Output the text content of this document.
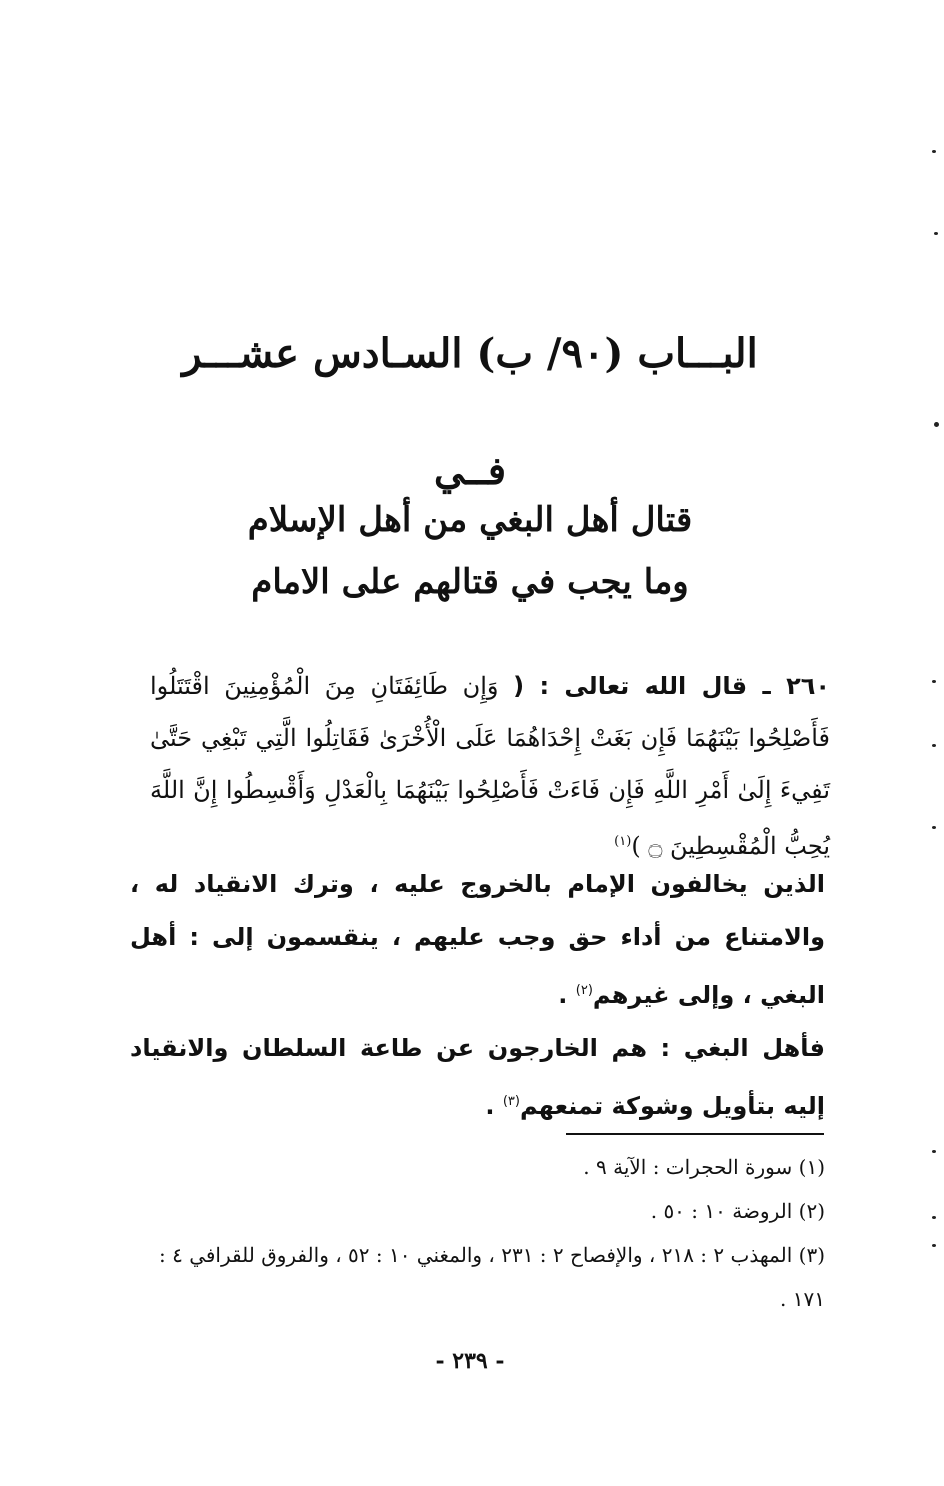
البـــاب (٩٠/ ب) السـادس عشـــر
فــي
قتال أهل البغي من أهل الإسلام
وما يجب في قتالهم على الامام
٢٦٠ ـ قال الله تعالى : ( وَإِن طَائِفَتَانِ مِنَ الْمُؤْمِنِينَ اقْتَتَلُوا فَأَصْلِحُوا بَيْنَهُمَا فَإِن بَغَتْ إِحْدَاهُمَا عَلَى الْأُخْرَىٰ فَقَاتِلُوا الَّتِي تَبْغِي حَتَّىٰ تَفِيءَ إِلَىٰ أَمْرِ اللَّهِ فَإِن فَاءَتْ فَأَصْلِحُوا بَيْنَهُمَا بِالْعَدْلِ وَأَقْسِطُوا إِنَّ اللَّهَ يُحِبُّ الْمُقْسِطِينَ ۝ )$^{(١)}$

الذين يخالفون الإمام بالخروج عليه ، وترك الانقياد له ، والامتناع من أداء حق وجب عليهم ، ينقسمون إلى : أهل البغي ، وإلى غيرهم$^{(٢)}$ .

فأهل البغي : هم الخارجون عن طاعة السلطان والانقياد إليه بتأويل وشوكة تمنعهم$^{(٣)}$ .

(١) سورة الحجرات : الآية ٩ .
(٢) الروضة ١٠ : ٥٠ .
(٣) المهذب ٢ : ٢١٨ ، والإفصاح ٢ : ٢٣١ ، والمغني ١٠ : ٥٢ ، والفروق للقرافي ٤ :
١٧١ .
- ٢٣٩ -
